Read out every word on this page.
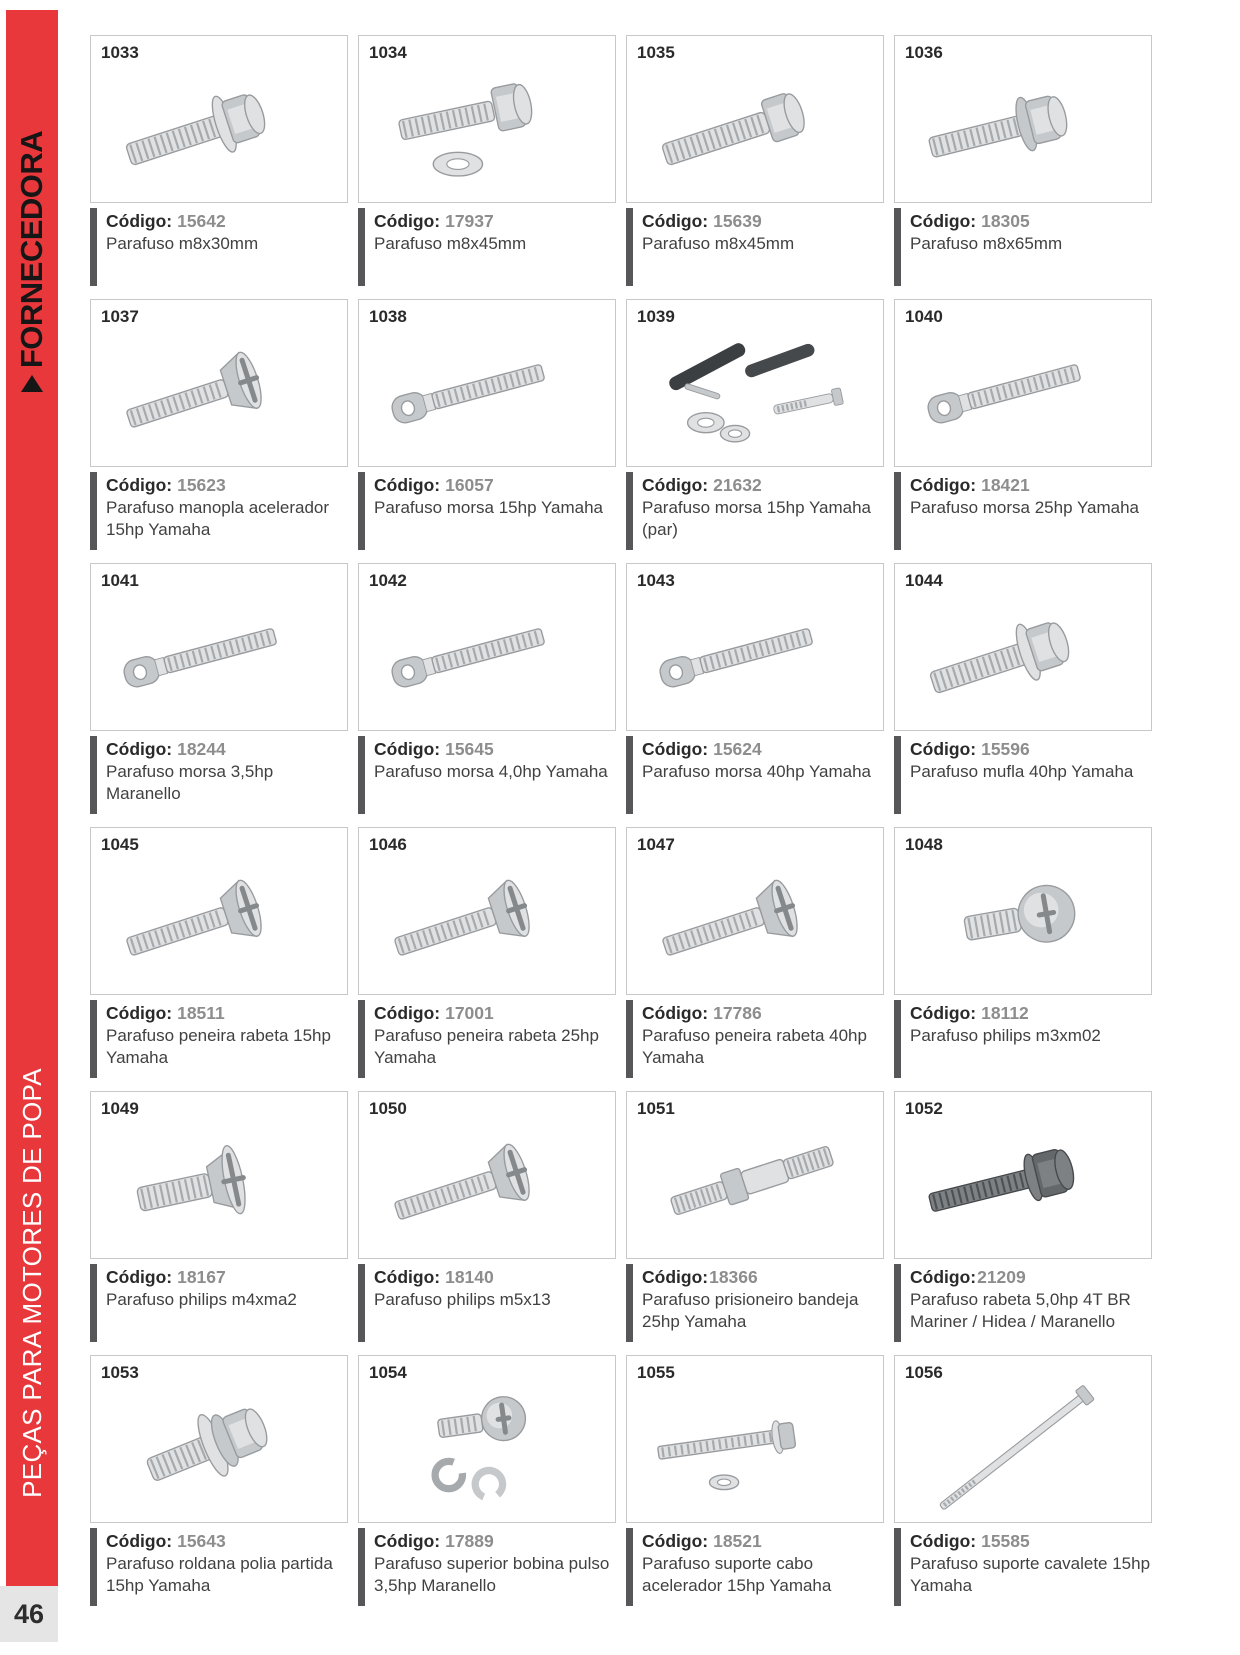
FORNECEDORA
PEÇAS PARA MOTORES DE POPA
46
1033
Código: 15642
Parafuso m8x30mm
1034
Código: 17937
Parafuso m8x45mm
1035
Código: 15639
Parafuso m8x45mm
1036
Código: 18305
Parafuso m8x65mm
1037
Código: 15623
Parafuso manopla acelerador 15hp Yamaha
1038
Código: 16057
Parafuso morsa 15hp Yamaha
1039
Código: 21632
Parafuso morsa 15hp Yamaha (par)
1040
Código: 18421
Parafuso morsa 25hp Yamaha
1041
Código: 18244
Parafuso morsa 3,5hp Maranello
1042
Código: 15645
Parafuso morsa 4,0hp Yamaha
1043
Código: 15624
Parafuso morsa 40hp Yamaha
1044
Código: 15596
Parafuso mufla 40hp Yamaha
1045
Código: 18511
Parafuso peneira rabeta 15hp Yamaha
1046
Código: 17001
Parafuso peneira rabeta 25hp Yamaha
1047
Código: 17786
Parafuso peneira rabeta 40hp Yamaha
1048
Código: 18112
Parafuso philips m3xm02
1049
Código: 18167
Parafuso philips m4xma2
1050
Código: 18140
Parafuso philips m5x13
1051
Código:18366
Parafuso prisioneiro bandeja 25hp Yamaha
1052
Código:21209
Parafuso rabeta 5,0hp 4T BR Mariner / Hidea / Maranello
1053
Código: 15643
Parafuso roldana polia partida 15hp Yamaha
1054
Código: 17889
Parafuso superior bobina pulso 3,5hp Maranello
1055
Código: 18521
Parafuso suporte cabo acelerador 15hp Yamaha
1056
Código: 15585
Parafuso suporte cavalete 15hp Yamaha
